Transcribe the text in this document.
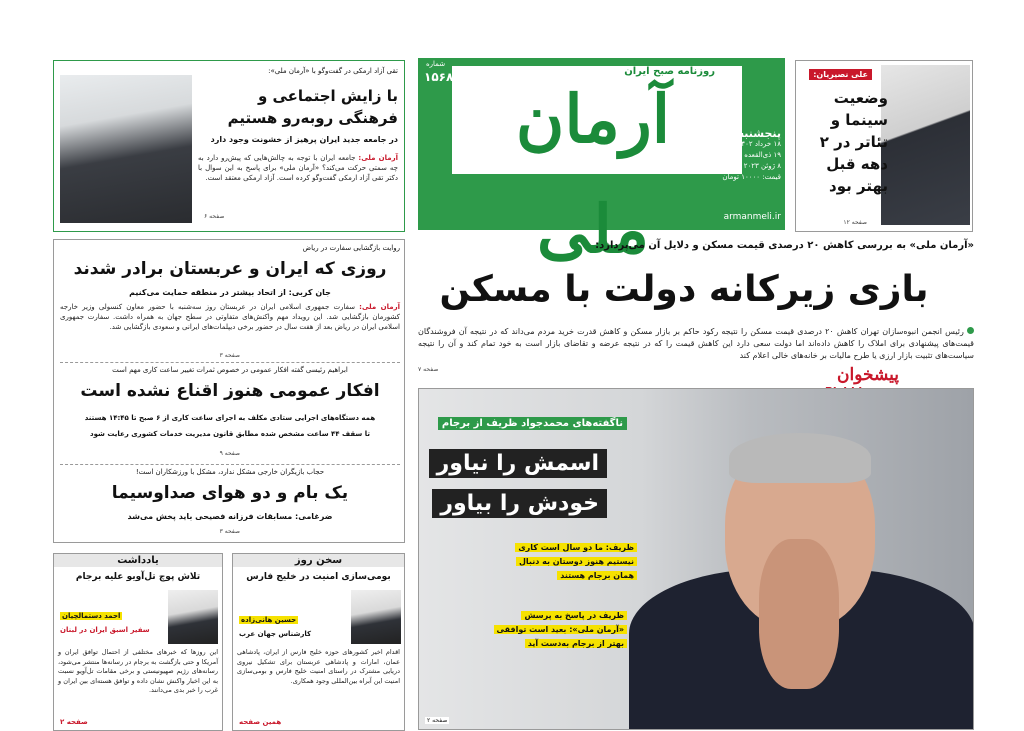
علی نصیریان:
وضعیت سینما و تئاتر در ۲ دهه قبل بهتر بود
صفحه ۱۲
آرمان ملی
روزنامه صبح ایران
شماره
۱۵۶۸
پنجشنبه
۱۸ خرداد ۱۴۰۲
۱۹ ذی‌القعده ۱۴۴۴
۸ ژوئن ۲۰۲۳
قیمت: ۱۰۰۰۰ تومان
armanmeli.ir
تقی آزاد ارمکی در گفت‌وگو با «آرمان ملی»:
با زایش اجتماعی و فرهنگی روبه‌رو هستیم
در جامعه جدید ایران پرهیز از خشونت وجود دارد
آرمان ملی: جامعه ایران با توجه به چالش‌هایی که پیش‌رو دارد به چه سمتی حرکت می‌کند؟ «آرمان ملی» برای پاسخ به این سوال با دکتر تقی آزاد ارمکی گفت‌وگو کرده است. آزاد ارمکی معتقد است.
صفحه ۶
«آرمان ملی» به بررسی کاهش ۲۰ درصدی قیمت مسکن و دلایل آن می‌پردازد:
بازی زیرکانه دولت با مسکن
رئیس انجمن انبوه‌سازان تهران کاهش ۲۰ درصدی قیمت مسکن را نتیجه رکود حاکم بر بازار مسکن و کاهش قدرت خرید مردم می‌داند که در نتیجه آن فروشندگان قیمت‌های پیشنهادی برای املاک را کاهش داده‌اند اما دولت سعی دارد این کاهش قیمت را که در نتیجه عرضه و تقاضای بازار است به خود تمام کند و آن را نتیجه سیاست‌های تثبیت بازار ارزی یا طرح مالیات بر خانه‌های خالی اعلام کند
صفحه ۷	پیشخوان
ناگفته‌های محمدجواد ظریف از برجام
اسمش را نیاور
خودش را بیاور
ظریف: ما دو سال است کاری
نیستیم هنوز دوستان به دنبال
همان برجام هستند
ظریف در پاسخ به پرسش
«آرمان ملی»: بعید است توافقی
بهتر از برجام به‌دست آید
صفحه ۲
روایت بازگشایی سفارت در ریاض
روزی که ایران و عربستان برادر شدند
جان کربی: از اتحاد بیشتر در منطقه حمایت می‌کنیم
آرمان ملی: سفارت جمهوری اسلامی ایران در عربستان روز سه‌شنبه با حضور معاون کنسولی وزیر خارجه کشورمان بازگشایی شد. این رویداد مهم واکنش‌های متفاوتی در سطح جهان به همراه داشت. سفارت جمهوری اسلامی ایران در ریاض بعد از هفت سال در حضور برخی دیپلمات‌های ایرانی و سعودی بازگشایی شد.
صفحه ۳
ابراهیم رئیسی گفته افکار عمومی در خصوص ثمرات تغییر ساعت کاری مهم است
افکار عمومی هنوز اقناع نشده است
همه دستگاه‌های اجرایی ستادی مکلف به اجرای ساعت کاری از ۶ صبح تا ۱۴:۴۵ هستند
تا سقف ۴۴ ساعت مشخص شده مطابق قانون مدیریت خدمات کشوری رعایت شود
صفحه ۹
حجاب بازیگران خارجی مشکل ندارد، مشکل با ورزشکاران است!
یک بام و دو هوای صداوسیما
ضرغامی: مسابقات فرزانه فصیحی باید پخش می‌شد
صفحه ۳
یادداشت
تلاش پوچ تل‌آویو علیه برجام
احمد دستمالچیان
سفیر اسبق ایران در لبنان
این روزها که خبرهای مختلفی از احتمال توافق ایران و آمریکا و حتی بازگشت به برجام در رسانه‌ها منتشر می‌شود، رسانه‌های رژیم صهیونیستی و برخی مقامات تل‌آویو نسبت به این اخبار واکنش نشان داده و توافق هسته‌ای بین ایران و غرب را خبر بدی می‌دانند.
صفحه ۲
سخن روز
بومی‌سازی امنیت در خلیج فارس
حسین هانی‌زاده
کارشناس جهان عرب
اقدام اخیر کشورهای حوزه خلیج فارس از ایران، پادشاهی عمان، امارات و پادشاهی عربستان برای تشکیل نیروی دریایی مشترک در راستای امنیت خلیج فارس و بومی‌سازی امنیت این آبراه بین‌المللی وجود همکاری.
همین صفحه
